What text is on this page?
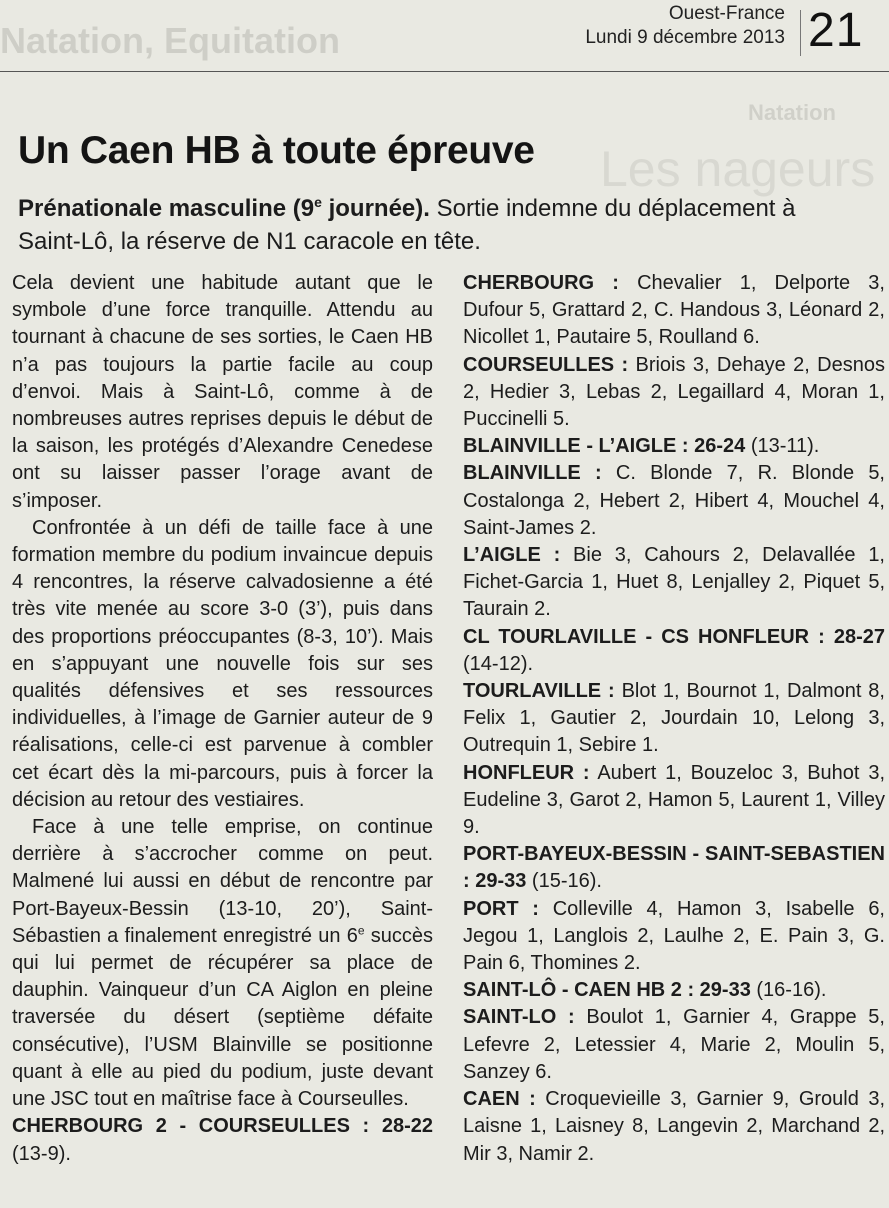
Natation, Equitation
Natation
Les nageurs
Ouest-France
Lundi 9 décembre 2013 21
Un Caen HB à toute épreuve

Prénationale masculine (9e journée). Sortie indemne du déplacement à Saint-Lô, la réserve de N1 caracole en tête.

Cela devient une habitude autant que le symbole d’une force tranquille. Attendu au tournant à chacune de ses sorties, le Caen HB n’a pas toujours la partie facile au coup d’envoi. Mais à Saint-Lô, comme à de nombreuses autres reprises depuis le début de la saison, les protégés d’Alexandre Cenedese ont su laisser passer l’orage avant de s’imposer.

Confrontée à un défi de taille face à une formation membre du podium invaincue depuis 4 rencontres, la réserve calvadosienne a été très vite menée au score 3-0 (3’), puis dans des proportions préoccupantes (8-3, 10’). Mais en s’appuyant une nouvelle fois sur ses qualités défensives et ses ressources individuelles, à l’image de Garnier auteur de 9 réalisations, celle-ci est parvenue à combler cet écart dès la mi-parcours, puis à forcer la décision au retour des vestiaires.

Face à une telle emprise, on continue derrière à s’accrocher comme on peut. Malmené lui aussi en début de rencontre par Port-Bayeux-Bessin (13-10, 20’), Saint-Sébastien a finalement enregistré un 6e succès qui lui permet de récupérer sa place de dauphin. Vainqueur d’un CA Aiglon en pleine traversée du désert (septième défaite consécutive), l’USM Blainville se positionne quant à elle au pied du podium, juste devant une JSC tout en maîtrise face à Courseulles.

CHERBOURG 2 - COURSEULLES : 28-22 (13-9).

CHERBOURG : Chevalier 1, Delporte 3, Dufour 5, Grattard 2, C. Handous 3, Léonard 2, Nicollet 1, Pautaire 5, Roulland 6.

COURSEULLES : Briois 3, Dehaye 2, Desnos 2, Hedier 3, Lebas 2, Legaillard 4, Moran 1, Puccinelli 5.

BLAINVILLE - L’AIGLE : 26-24 (13-11).

BLAINVILLE : C. Blonde 7, R. Blonde 5, Costalonga 2, Hebert 2, Hibert 4, Mouchel 4, Saint-James 2.

L’AIGLE : Bie 3, Cahours 2, Delavallée 1, Fichet-Garcia 1, Huet 8, Lenjalley 2, Piquet 5, Taurain 2.

CL TOURLAVILLE - CS HONFLEUR : 28-27 (14-12).

TOURLAVILLE : Blot 1, Bournot 1, Dalmont 8, Felix 1, Gautier 2, Jourdain 10, Lelong 3, Outrequin 1, Sebire 1.

HONFLEUR : Aubert 1, Bouzeloc 3, Buhot 3, Eudeline 3, Garot 2, Hamon 5, Laurent 1, Villey 9.

PORT-BAYEUX-BESSIN - SAINT-SEBASTIEN : 29-33 (15-16).

PORT : Colleville 4, Hamon 3, Isabelle 6, Jegou 1, Langlois 2, Laulhe 2, E. Pain 3, G. Pain 6, Thomines 2.

SAINT-LÔ - CAEN HB 2 : 29-33 (16-16).

SAINT-LO : Boulot 1, Garnier 4, Grappe 5, Lefevre 2, Letessier 4, Marie 2, Moulin 5, Sanzey 6.

CAEN : Croquevieille 3, Garnier 9, Grould 3, Laisne 1, Laisney 8, Langevin 2, Marchand 2, Mir 3, Namir 2.
